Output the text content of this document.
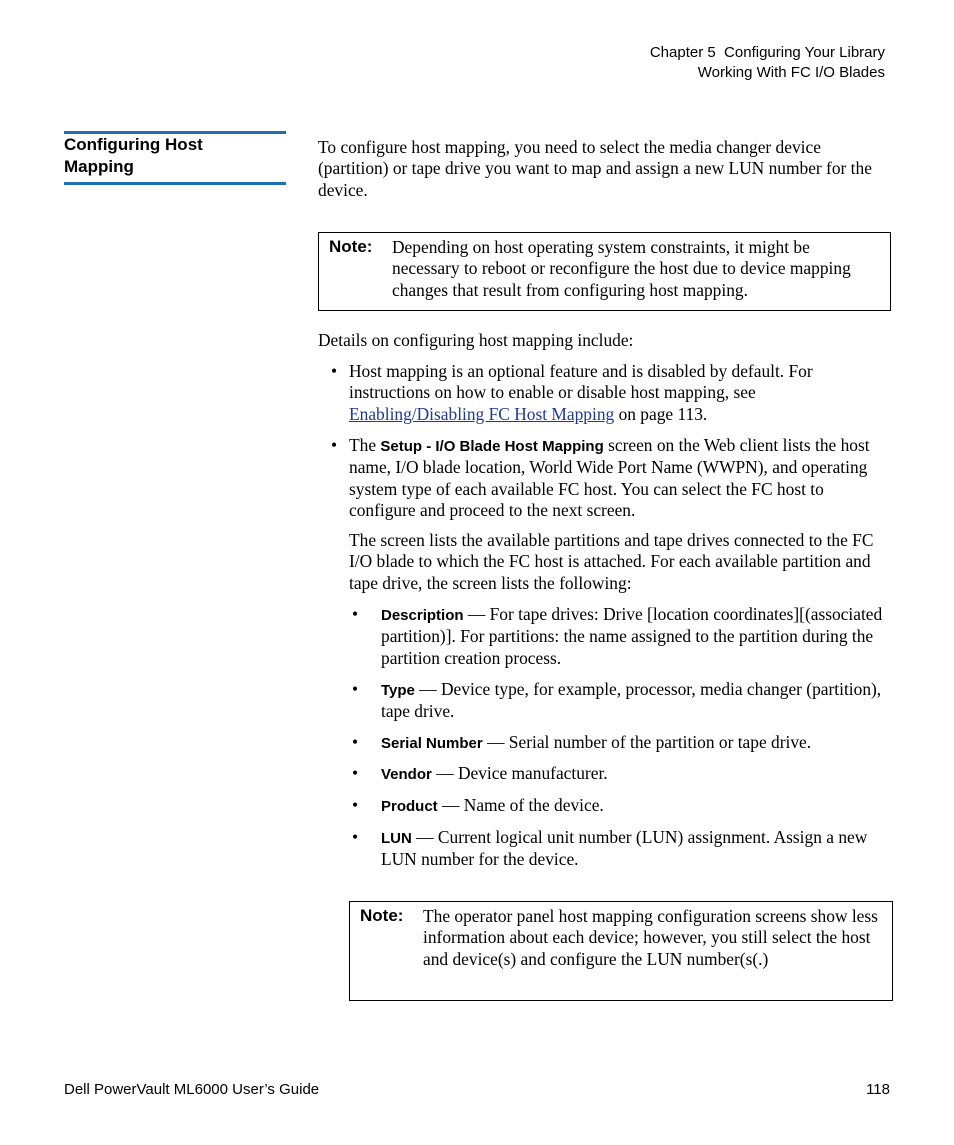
Chapter 5  Configuring Your Library
Working With FC I/O Blades
Configuring Host Mapping
To configure host mapping, you need to select the media changer device (partition) or tape drive you want to map and assign a new LUN number for the device.
Note: Depending on host operating system constraints, it might be necessary to reboot or reconfigure the host due to device mapping changes that result from configuring host mapping.
Details on configuring host mapping include:
• Host mapping is an optional feature and is disabled by default. For instructions on how to enable or disable host mapping, see Enabling/Disabling FC Host Mapping on page 113.
• The Setup - I/O Blade Host Mapping screen on the Web client lists the host name, I/O blade location, World Wide Port Name (WWPN), and operating system type of each available FC host. You can select the FC host to configure and proceed to the next screen.
The screen lists the available partitions and tape drives connected to the FC I/O blade to which the FC host is attached. For each available partition and tape drive, the screen lists the following:
• Description — For tape drives: Drive [location coordinates][(associated partition)]. For partitions: the name assigned to the partition during the partition creation process.
• Type — Device type, for example, processor, media changer (partition), tape drive.
• Serial Number — Serial number of the partition or tape drive.
• Vendor — Device manufacturer.
• Product — Name of the device.
• LUN — Current logical unit number (LUN) assignment. Assign a new LUN number for the device.
Note: The operator panel host mapping configuration screens show less information about each device; however, you still select the host and device(s) and configure the LUN number(s(.)
Dell PowerVault ML6000 User’s Guide	118
